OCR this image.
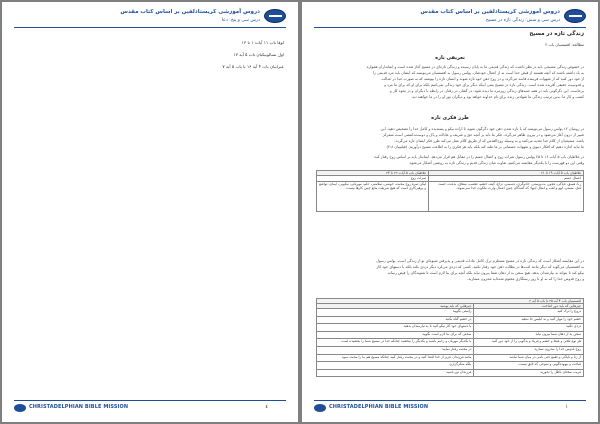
دروس آموزشی کریستادلفین بر اساس کتاب مقدس
درس سی و پنج: دعا
لوقا باب ۱۱ آیات ۱ تا ۱۳
اول تسالونیکیان باب ۵ آیه ۱۷
عبرانیان باب ۴ آیه ۱۶ تا باب ۵ آیه ۷
CHRISTADELPHIAN BIBLE MISSION	٤
دروس آموزشی کریستادلفین بر اساس کتاب مقدس
درس سی و شش: زندگی تازه در مسیح
زندگی تازه در مسیح
مطالعه: افسسیان باب ۴
تعریفی تازه
در خصوص زندگی مسیحی باید در نظر داشت که زندگی قدیمی ما به پایان رسیده و زندگی تازه‌ای در مسیح آغاز شده است و ایمانداران همواره
به یاد داشته باشند که آنچه هستند از فیض خدا است نه از اعمال خودشان. پولس رسول به افسسیان می‌نویسد که ایشان باید مرد قدیمی را
از خود دور کنند که از شهوات فریبنده فاسد می‌گردد و در روح ذهن خود تازه شوند و انسان تازه را بپوشند که به صورت خدا در عدالت
و قدوسیت حقیقی آفریده شده است. زندگی تازه در مسیح یعنی اینکه دیگر برای خود زندگی نمی‌کنیم بلکه برای او که برای ما مرد و
برخاست. این دگرگونی باید در همه جنبه‌های زندگی روزمره ما دیده شود: در گفتار، در رفتار، در رابطه با دیگران و در نحوه کار و
کسب و کار ما. بدین ترتیب زندگی ما شهادتی زنده برای نام خداوند خواهد بود و دیگران نور او را در ما خواهند دید.
طرز فکری تازه
در رومیان ۱۲ پولس رسول می‌نویسد که با تازه شدن ذهن خود دگرگون شوید تا اراده نیکو و پسندیده و کامل خدا را تشخیص دهید. این
تغییر از درون آغاز می‌شود و در بیرون ظاهر می‌گردد. فکر ما باید بر آنچه حق و شریف و عادلانه و پاک و دوست‌داشتنی است متمرکز
باشد. مسیحیان از کلام خدا تغذیه می‌کنند و به وسیله روح‌القدس که از طریق کلام عمل می‌کند طرز فکر ایشان تازه می‌گردد.
ما نباید اجازه دهیم که افکار دنیوی و شهوات جسمانی بر ما غلبه کند بلکه باید هر فکری را به اطاعت مسیح درآوریم. (فیلیپیان ۴:۸)
در غلاطیان باب ۵ آیات ۱۶ تا ۲۵ پولس رسول ثمرات روح و اعمال جسم را در مقابل هم قرار می‌دهد. ایماندار باید بر اساس روح رفتار کند:
وقتی این دو فهرست را با یکدیگر مقایسه می‌کنیم، تفاوت میان زندگی قدیم و زندگی تازه به روشنی آشکار می‌شود.
غلاطیان باب ۵ آیات ۱۹ تا ۲۱	غلاطیان باب ۵ آیات ۲۲ تا ۲۳
اعمال جسم	ثمرات روح
زنا، فسق، ناپاکی، فجور، بت‌پرستی، جادوگری، دشمنی، نزاع، کینه، خشم، تعصب، شقاق، بدعت، حسد، قتل، مستی، لهو و لعب و امثال اینها؛ که کنندگان چنین اعمال وارث ملکوت خدا نمی‌شوند.	لیکن ثمره روح محبت، خوشی، سلامتی، حلم، مهربانی، نیکویی، ایمان، تواضع و پرهیزکاری است که هیچ شریعت مانع چنین کارها نیست.
در این مقایسه آشکار است که زندگی تازه در مسیح مستلزم ترک کامل عادات قدیمی و پذیرفتن شیوه‌ای نو از زندگی است. پولس رسول
به افسسیان می‌گوید که دیگر مانند امت‌ها در بطالت ذهن خود رفتار نکنید. کسی که دزدی می‌کرد دیگر دزدی نکند بلکه با دستهای خود کار
نیکو کند تا بتواند به نیازمندان بدهد. هیچ سخن بد از دهان شما بیرون نیاید بلکه آنچه برای بنا لازم است تا شنوندگان را فیض رساند.
و روح قدوس خدا را که به او تا روز رستگاری مختوم شده‌اید محزون مسازید.
افسسیان باب ۴ آیه ۲۵ تا باب ۵ آیه ۲	
چیزهایی که باید دور انداخت	چیزهایی که باید پوشید
دروغ را ترک کنید	راستی بگویید
خشم خود را مهار کنید و به ابلیس جا ندهید	در خشم گناه نکنید
دزدی نکنید	با دستهای خود کار نیکو کنید تا به نیازمندان بدهید
سخن بد از دهان شما بیرون نیاید	سخنی که برای بنا لازم است بگویید
هر نوع تلخی و غیظ و خشم و فریاد و بدگویی را از خود دور کنید	با یکدیگر مهربان و رحیم باشید و یکدیگر را ببخشید چنانکه خدا در مسیح شما را بخشیده است
روح قدوس خدا را محزون نسازید	در محبت رفتار نمایید
از زنا و ناپاکی و طمع حتی نامی در میان شما نباشد	مانند فرزندان عزیز از خدا اقتدا کنید و در محبت رفتار کنید چنانکه مسیح هم ما را محبت نمود
قباحت و بیهوده‌گویی و شوخی که لایق نیست	بلکه شکرگزاری
فریب سخنان باطل را نخورید	فرزندان نور باشید
CHRISTADELPHIAN BIBLE MISSION	١
